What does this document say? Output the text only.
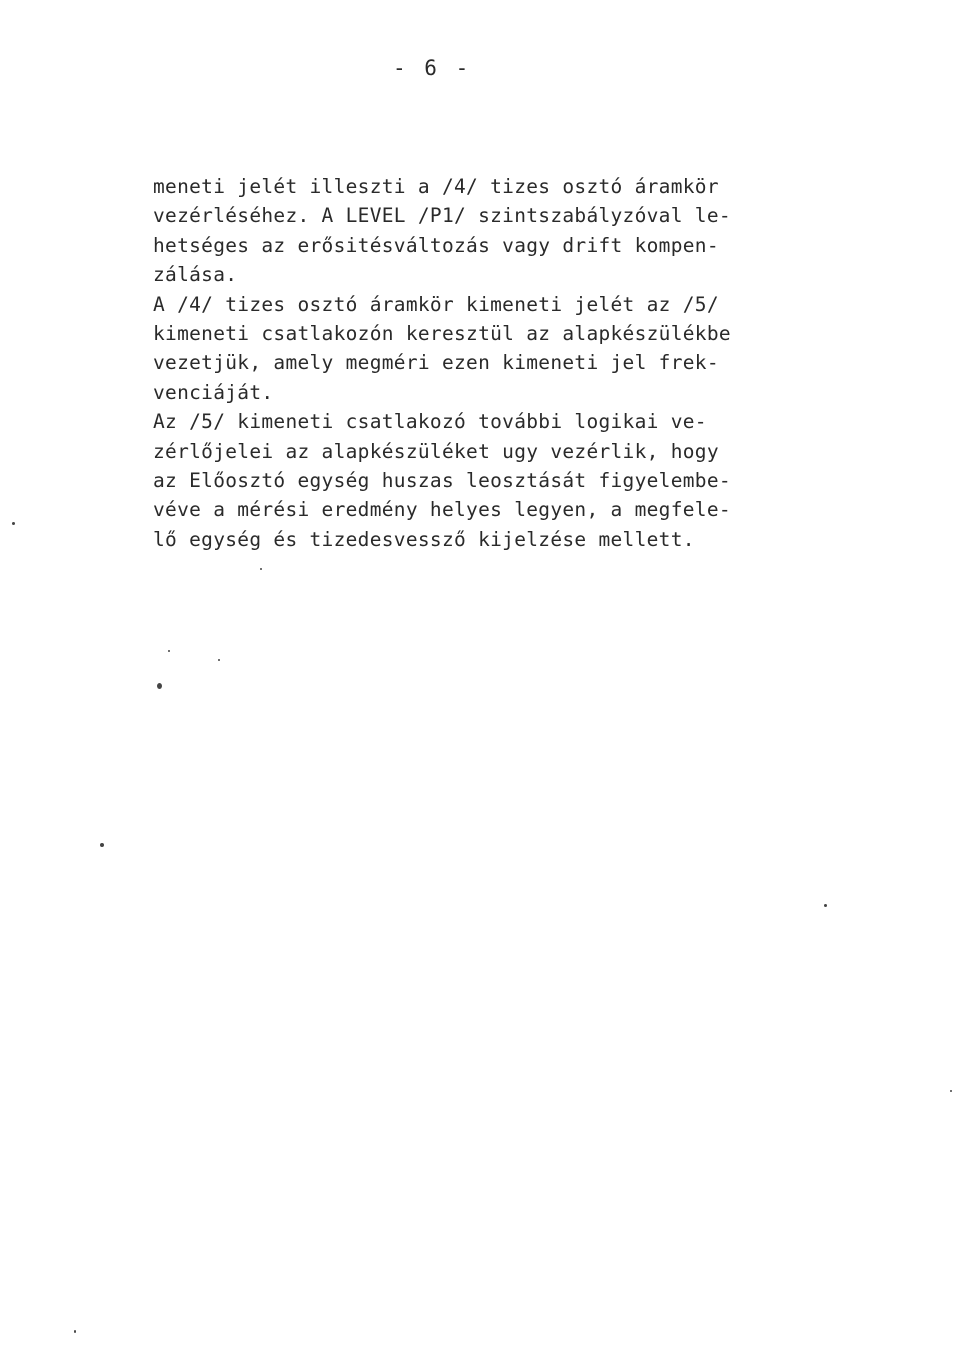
- 6 -
meneti jelét illeszti a /4/ tizes osztó áramkör
vezérléséhez. A LEVEL /P1/ szintszabályzóval le-
hetséges az erősitésváltozás vagy drift kompen-
zálása.
A /4/ tizes osztó áramkör kimeneti jelét az /5/
kimeneti csatlakozón keresztül az alapkészülékbe
vezetjük, amely megméri ezen kimeneti jel frek-
venciáját.
Az /5/ kimeneti csatlakozó további logikai ve-
zérlőjelei az alapkészüléket ugy vezérlik, hogy
az Előosztó egység huszas leosztását figyelembe-
véve a mérési eredmény helyes legyen, a megfele-
lő egység és tizedesvessző kijelzése mellett.
